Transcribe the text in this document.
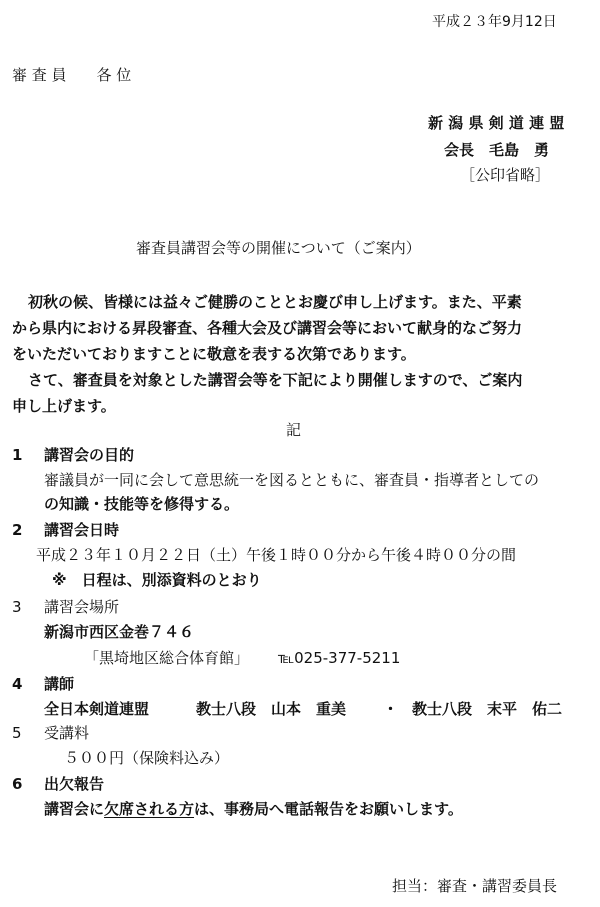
平成２３年9月12日
審 査 員　　各 位
新 潟 県 剣 道 連 盟
会長　毛島　勇
［公印省略］
審査員講習会等の開催について（ご案内）
初秋の候、皆様には益々ご健勝のこととお慶び申し上げます。また、平素
から県内における昇段審査、各種大会及び講習会等において献身的なご努力
をいただいておりますことに敬意を表する次第であります。
さて、審査員を対象とした講習会等を下記により開催しますので、ご案内
申し上げます。
記
1 講習会の目的
審議員が一同に会して意思統一を図るとともに、審査員・指導者としての
の知識・技能等を修得する。
2 講習会日時
平成２３年１０月２２日（土）午後１時００分から午後４時００分の間
※　日程は、別添資料のとおり
3 講習会場所
新潟市西区金巻７４６
「黒埼地区総合体育館」 ℡025-377-5211
4 講師
全日本剣道連盟	教士八段　山本　重美 ・ 教士八段　末平　佑二
5 受講料
５００円（保険料込み）
6 出欠報告
講習会に欠席される方は、事務局へ電話報告をお願いします。
担当：審査・講習委員長
